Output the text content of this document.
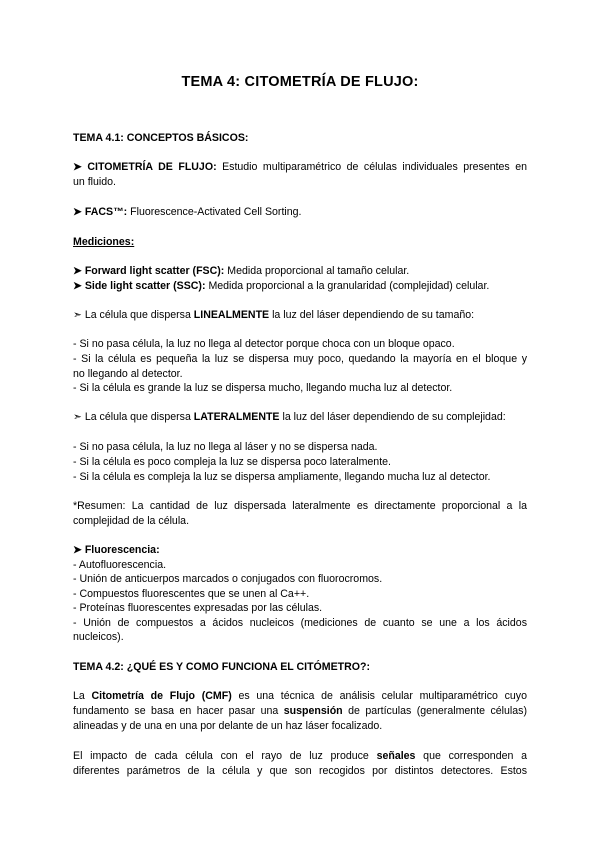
TEMA 4: CITOMETRÍA DE FLUJO:
TEMA 4.1: CONCEPTOS BÁSICOS:
➤ CITOMETRÍA DE FLUJO: Estudio multiparamétrico de células individuales presentes en
un fluido.
➤ FACS™: Fluorescence-Activated Cell Sorting.
Mediciones:
➤ Forward light scatter (FSC): Medida proporcional al tamaño celular.
➤ Side light scatter (SSC): Medida proporcional a la granularidad (complejidad) celular.
➣ La célula que dispersa LINEALMENTE la luz del láser dependiendo de su tamaño:
- Si no pasa célula, la luz no llega al detector porque choca con un bloque opaco.
- Si la célula es pequeña la luz se dispersa muy poco, quedando la mayoría en el bloque y
no llegando al detector.
- Si la célula es grande la luz se dispersa mucho, llegando mucha luz al detector.
➣ La célula que dispersa LATERALMENTE la luz del láser dependiendo de su complejidad:
- Si no pasa célula, la luz no llega al láser y no se dispersa nada.
- Si la célula es poco compleja la luz se dispersa poco lateralmente.
- Si la célula es compleja la luz se dispersa ampliamente, llegando mucha luz al detector.
*Resumen: La cantidad de luz dispersada lateralmente es directamente proporcional a la
complejidad de la célula.
➤ Fluorescencia:
- Autofluorescencia.
- Unión de anticuerpos marcados o conjugados con fluorocromos.
- Compuestos fluorescentes que se unen al Ca++.
- Proteínas fluorescentes expresadas por las células.
- Unión de compuestos a ácidos nucleicos (mediciones de cuanto se une a los ácidos
nucleicos).
TEMA 4.2: ¿QUÉ ES Y COMO FUNCIONA EL CITÓMETRO?:
La Citometría de Flujo (CMF) es una técnica de análisis celular multiparamétrico cuyo
fundamento se basa en hacer pasar una suspensión de partículas (generalmente células)
alineadas y de una en una por delante de un haz láser focalizado.
El impacto de cada célula con el rayo de luz produce señales que corresponden a
diferentes parámetros de la célula y que son recogidos por distintos detectores. Estos
